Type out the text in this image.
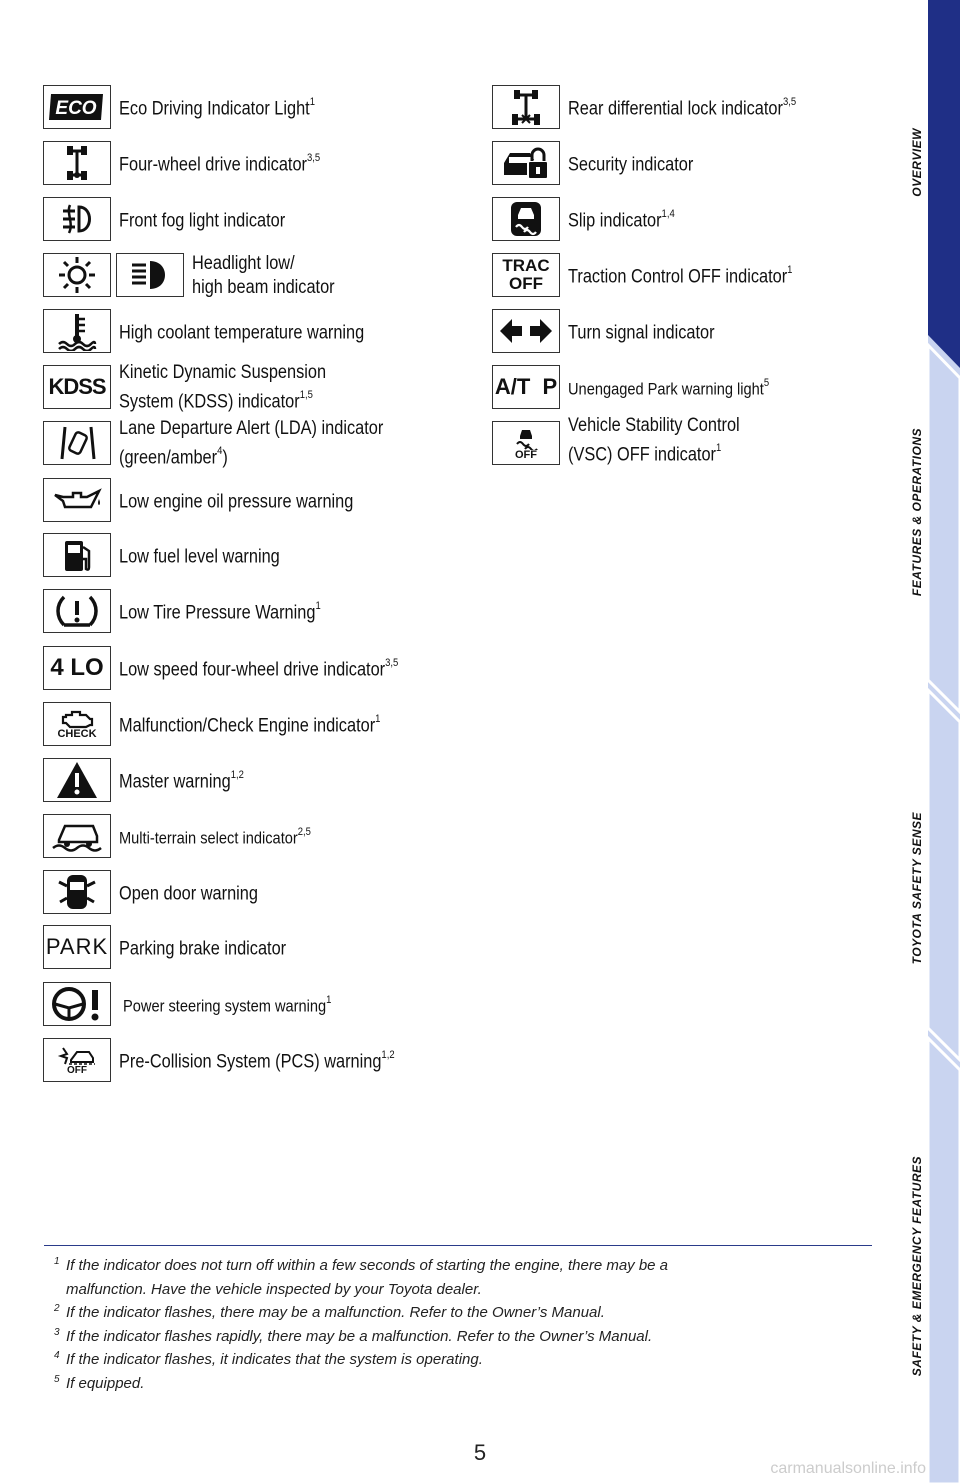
ECO Eco Driving Indicator Light$^1$
Four-wheel drive indicator$^{3,5}$
Front fog light indicator
Headlight low/
high beam indicator
High coolant temperature warning
KDSS
Kinetic Dynamic Suspension
System (KDSS) indicator$^{1,5}$
Lane Departure Alert (LDA) indicator
(green/amber$^4$)
Low engine oil pressure warning
Low fuel level warning
Low Tire Pressure Warning$^1$
4 LO Low speed four-wheel drive indicator$^{3,5}$
CHECK Malfunction/Check Engine indicator$^1$
Master warning$^{1,2}$
Multi-terrain select indicator$^{2,5}$
Open door warning
PARK Parking brake indicator
Power steering system warning$^1$
OFF Pre-Collision System (PCS) warning$^{1,2}$
Rear differential lock indicator$^{3,5}$
Security indicator
Slip indicator$^{1,4}$
TRAC
OFF Traction Control OFF indicator$^1$
Turn signal indicator
A/T  P Unengaged Park warning light$^5$
OFF
Vehicle Stability Control
(VSC) OFF indicator$^1$
1 If the indicator does not turn off within a few seconds of starting the engine, there may be a
malfunction. Have the vehicle inspected by your Toyota dealer.
2 If the indicator flashes, there may be a malfunction. Refer to the Owner’s Manual.
3 If the indicator flashes rapidly, there may be a malfunction. Refer to the Owner’s Manual.
4 If the indicator flashes, it indicates that the system is operating.
5 If equipped.
5
carmanualsonline.info
OVERVIEW
FEATURES & OPERATIONS
TOYOTA SAFETY SENSE
SAFETY & EMERGENCY FEATURES
